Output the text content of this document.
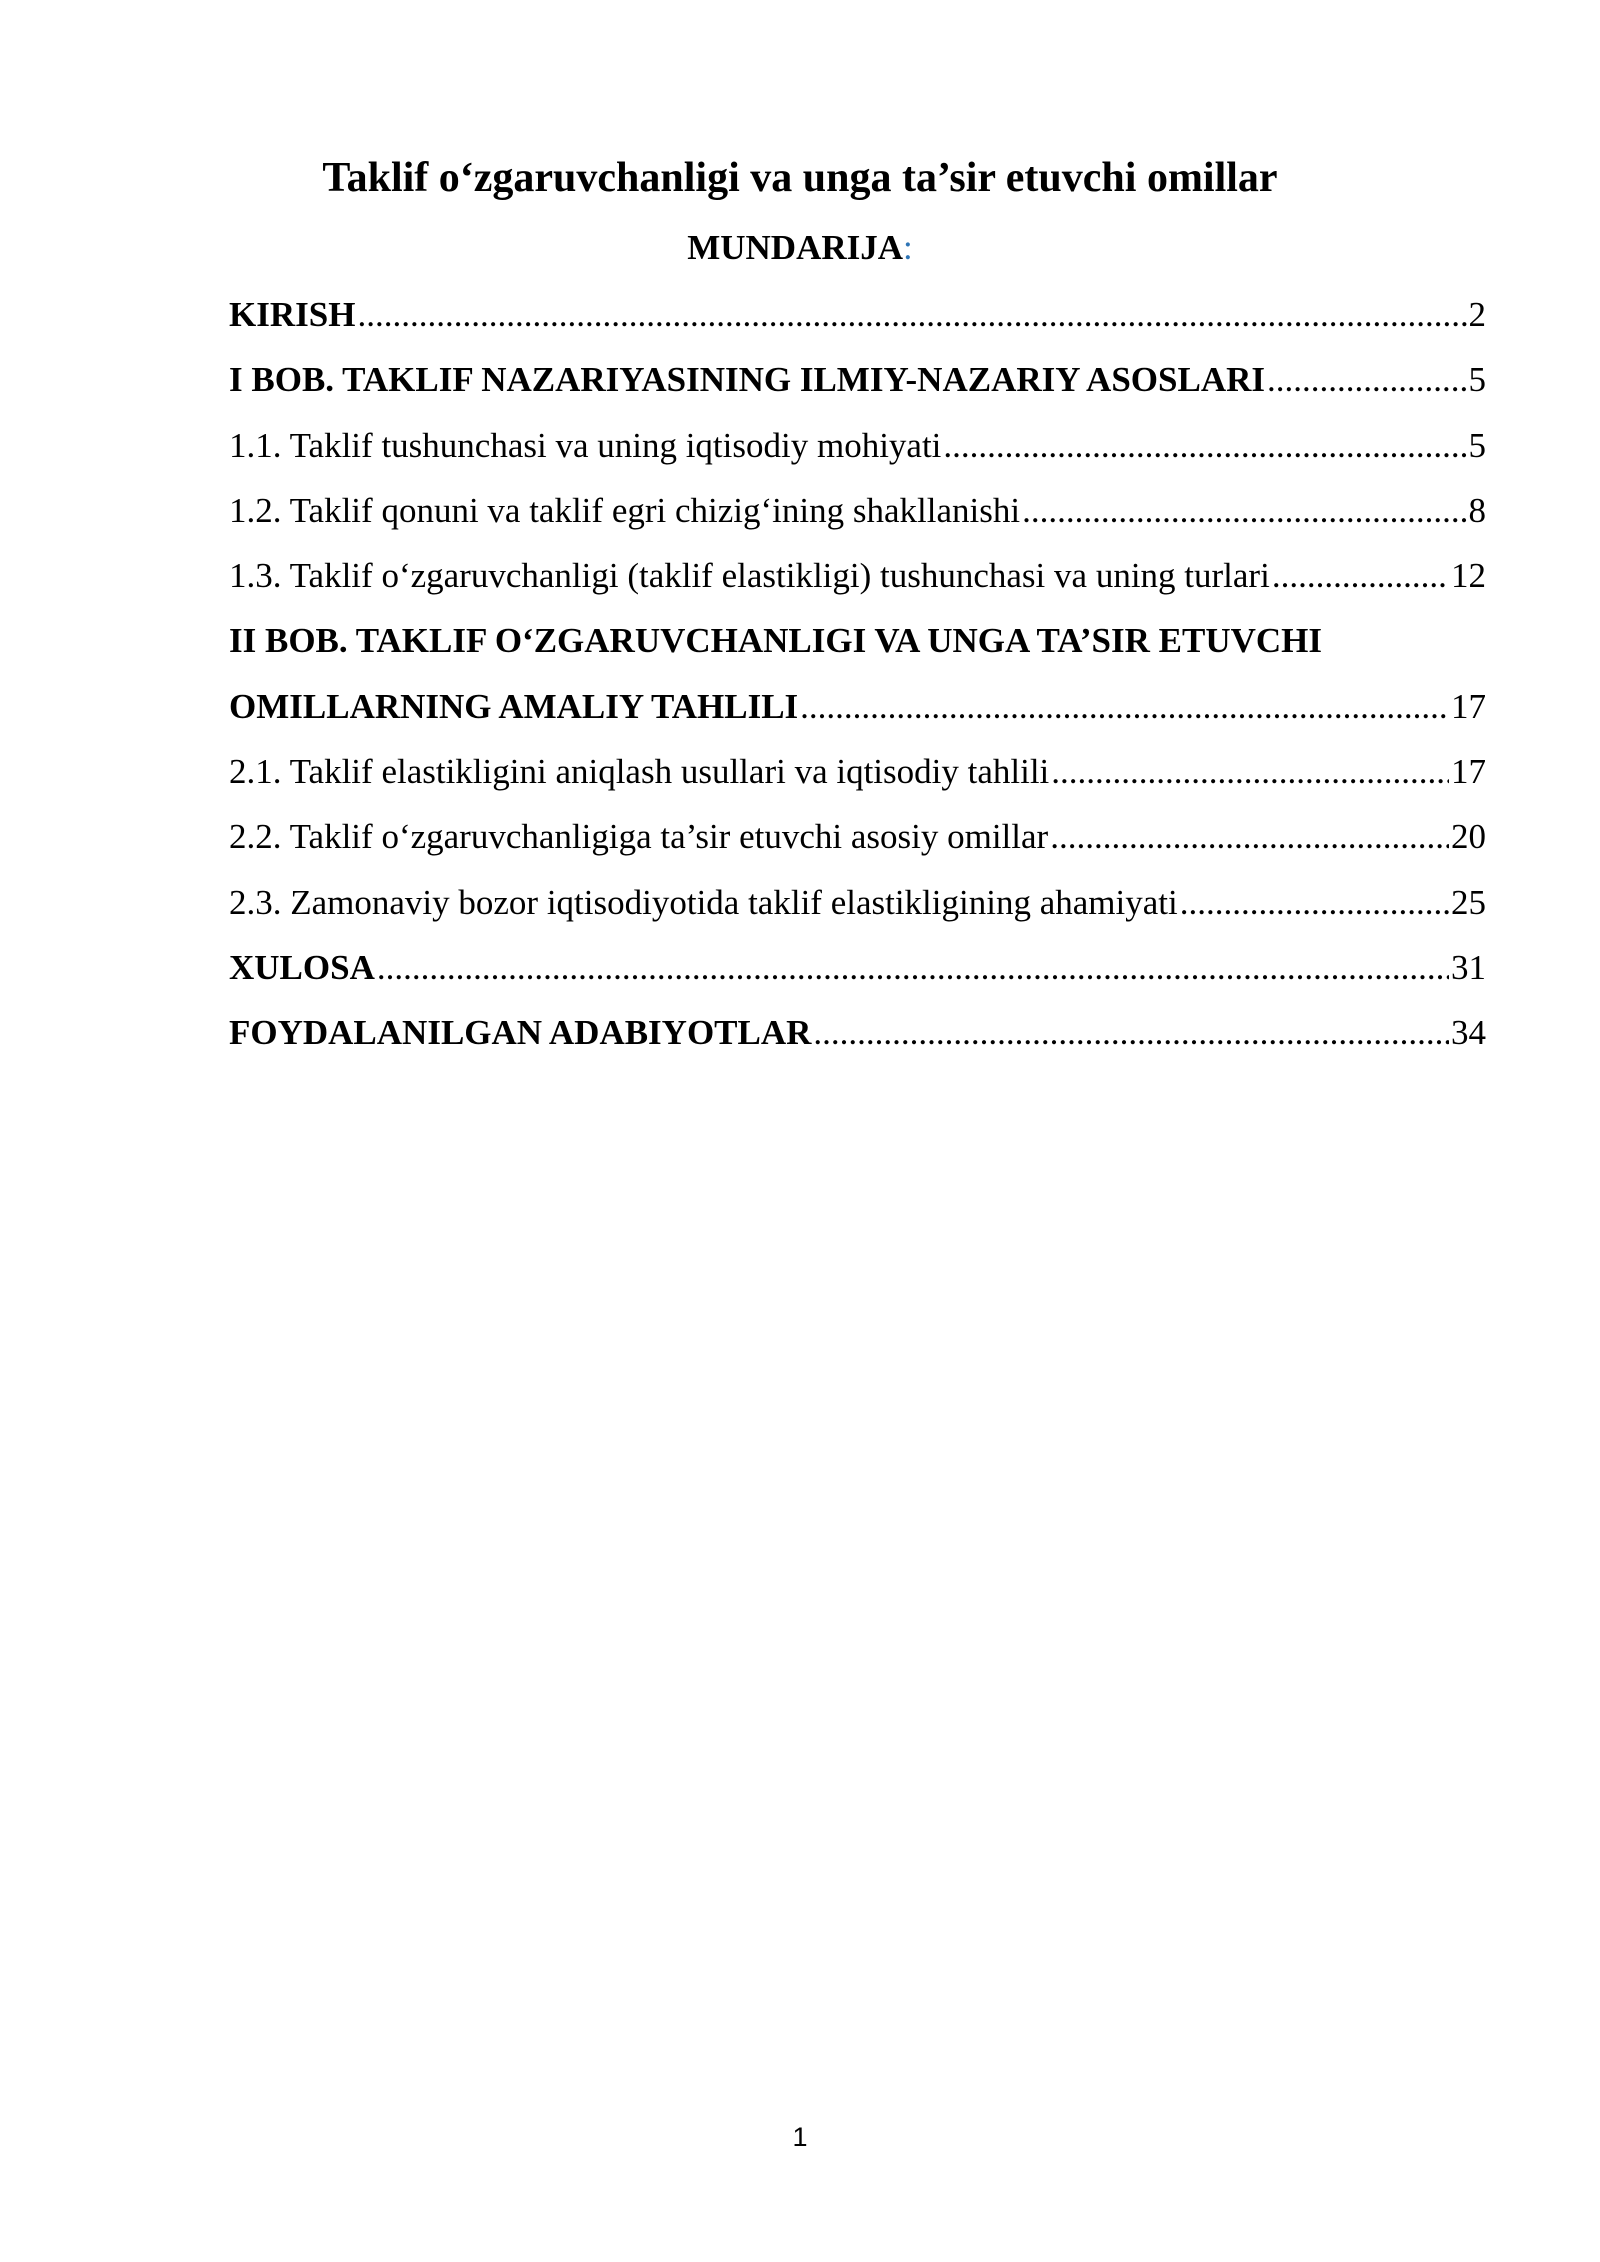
Taklif o‘zgaruvchanligi va unga ta’sir etuvchi omillar
MUNDARIJA:
KIRISH .....	2
I BOB. TAKLIF NAZARIYASINING ILMIY-NAZARIY ASOSLARI .....	5
1.1. Taklif tushunchasi va uning iqtisodiy mohiyati .....	5
1.2. Taklif qonuni va taklif egri chizig‘ining shakllanishi .....	8
1.3. Taklif o‘zgaruvchanligi (taklif elastikligi) tushunchasi va uning turlari .....	12
II BOB. TAKLIF O‘ZGARUVCHANLIGI VA UNGA TA’SIR ETUVCHI
OMILLARNING AMALIY TAHLILI .....	17
2.1. Taklif elastikligini aniqlash usullari va iqtisodiy tahlili .....	17
2.2. Taklif o‘zgaruvchanligiga ta’sir etuvchi asosiy omillar .....	20
2.3. Zamonaviy bozor iqtisodiyotida taklif elastikligining ahamiyati .....	25
XULOSA .....	31
FOYDALANILGAN ADABIYOTLAR .....	34
1
